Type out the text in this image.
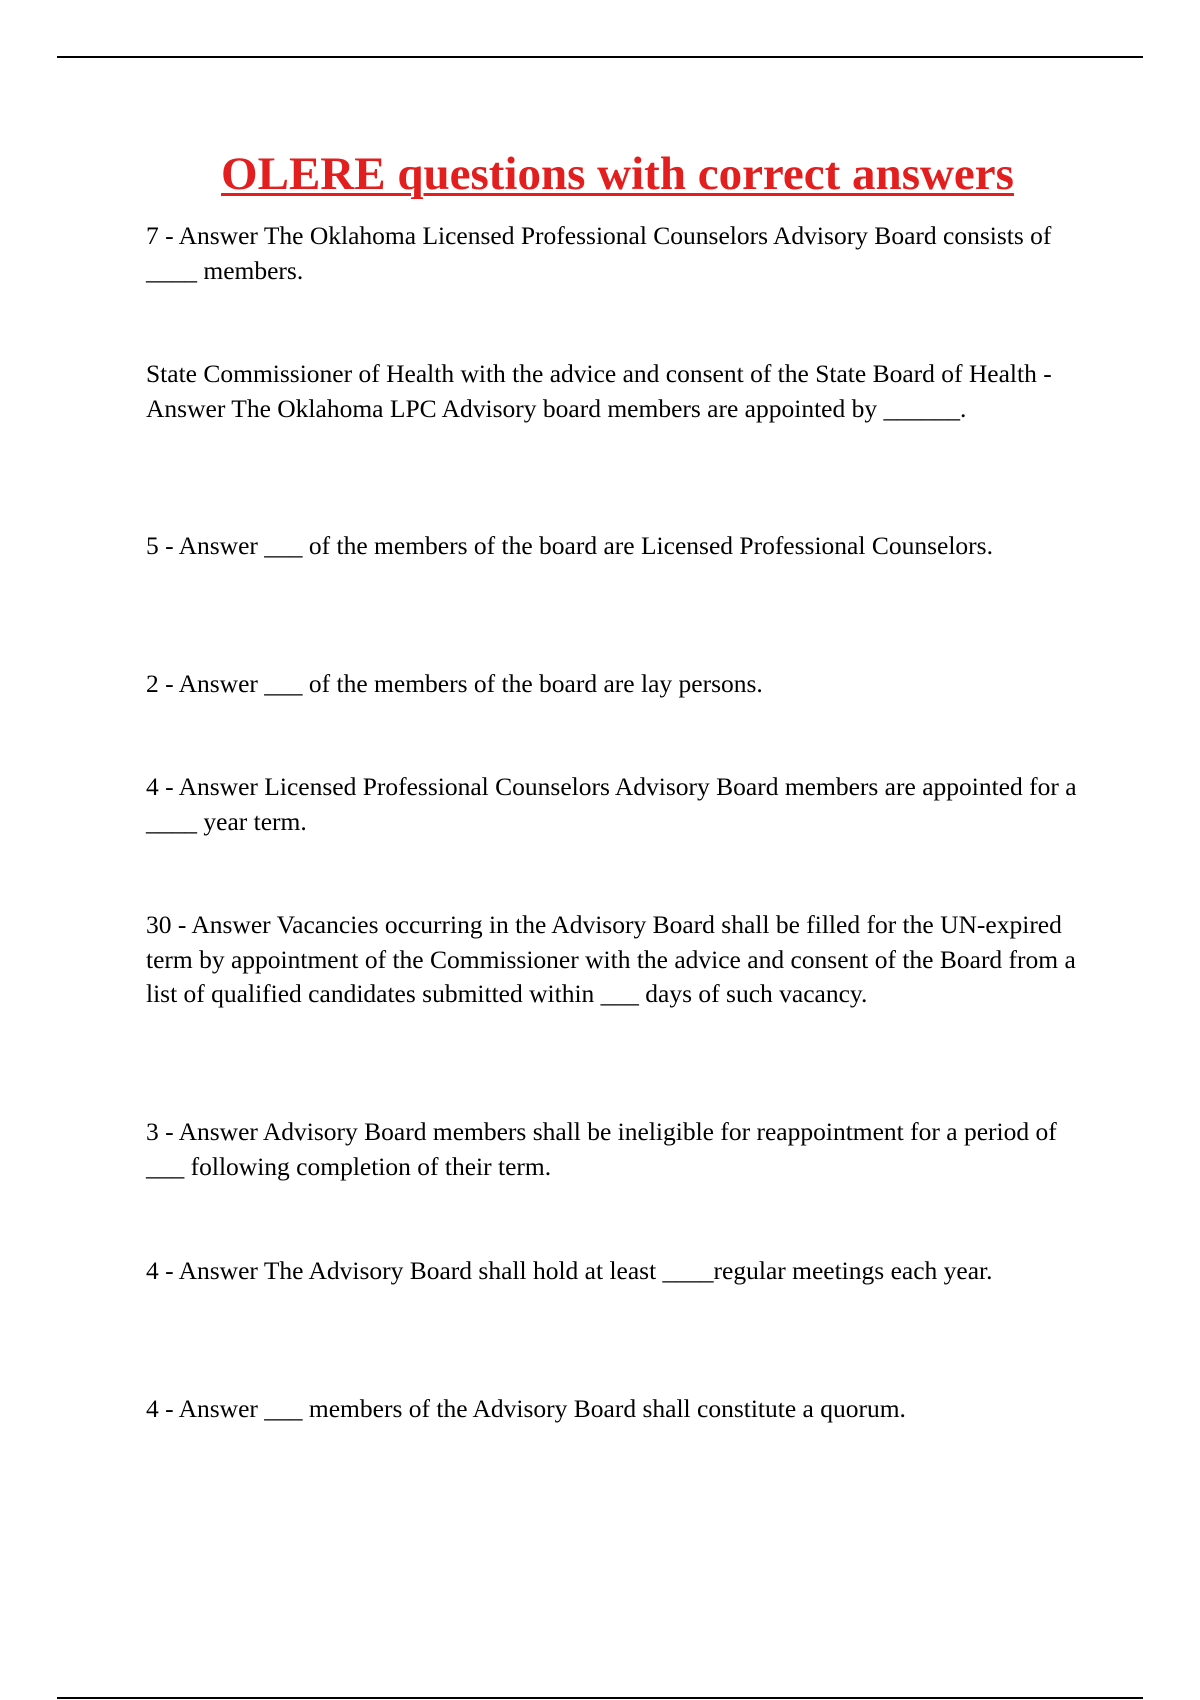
OLERE questions with correct answers

7 - Answer The Oklahoma Licensed Professional Counselors Advisory Board consists of ____ members.

State Commissioner of Health with the advice and consent of the State Board of Health - Answer The Oklahoma LPC Advisory board members are appointed by ______.

5 - Answer ___ of the members of the board are Licensed Professional Counselors.

2 - Answer ___ of the members of the board are lay persons.

4 - Answer Licensed Professional Counselors Advisory Board members are appointed for a ____ year term.

30 - Answer Vacancies occurring in the Advisory Board shall be filled for the UN-expired term by appointment of the Commissioner with the advice and consent of the Board from a list of qualified candidates submitted within ___ days of such vacancy.

3 - Answer Advisory Board members shall be ineligible for reappointment for a period of ___ following completion of their term.

4 - Answer The Advisory Board shall hold at least ____regular meetings each year.

4 - Answer ___ members of the Advisory Board shall constitute a quorum.
